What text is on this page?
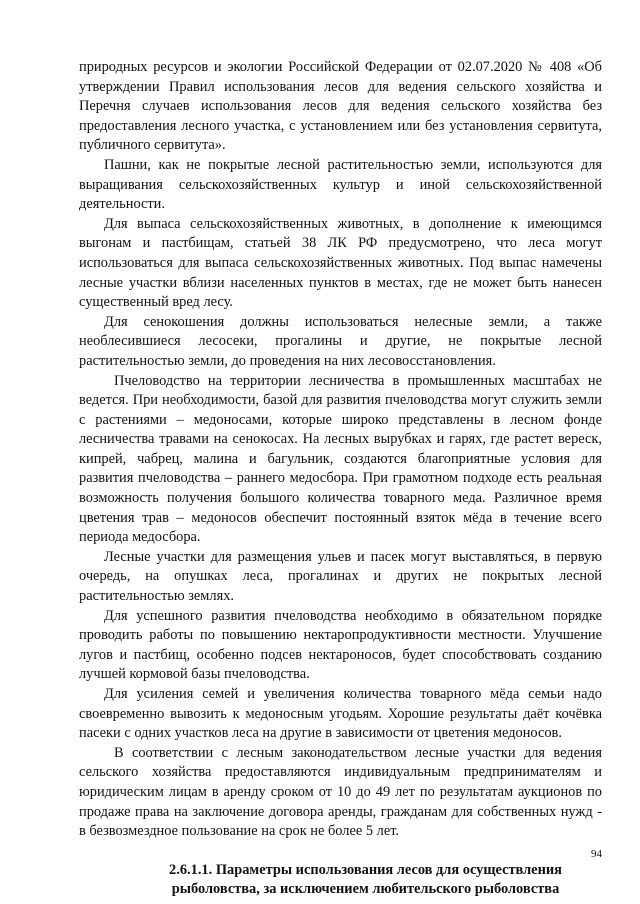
природных ресурсов и экологии Российской Федерации от 02.07.2020 № 408 «Об утверждении Правил использования лесов для ведения сельского хозяйства и Перечня случаев использования лесов для ведения сельского хозяйства без предоставления лесного участка, с установлением или без установления сервитута, публичного сервитута».

Пашни, как не покрытые лесной растительностью земли, используются для выращивания сельскохозяйственных культур и иной сельскохозяйственной деятельности.

Для выпаса сельскохозяйственных животных, в дополнение к имеющимся выгонам и пастбищам, статьей 38 ЛК РФ предусмотрено, что леса могут использоваться для выпаса сельскохозяйственных животных. Под выпас намечены лесные участки вблизи населенных пунктов в местах, где не может быть нанесен существенный вред лесу.

Для сенокошения должны использоваться нелесные земли, а также необлесившиеся лесосеки, прогалины и другие, не покрытые лесной растительностью земли, до проведения на них лесовосстановления.

Пчеловодство на территории лесничества в промышленных масштабах не ведется. При необходимости, базой для развития пчеловодства могут служить земли с растениями – медоносами, которые широко представлены в лесном фонде лесничества травами на сенокосах. На лесных вырубках и гарях, где растет вереск, кипрей, чабрец, малина и багульник, создаются благоприятные условия для развития пчеловодства – раннего медосбора. При грамотном подходе есть реальная возможность получения большого количества товарного меда. Различное время цветения трав – медоносов обеспечит постоянный взяток мёда в течение всего периода медосбора.

Лесные участки для размещения ульев и пасек могут выставляться, в первую очередь, на опушках леса, прогалинах и других не покрытых лесной растительностью землях.

Для успешного развития пчеловодства необходимо в обязательном порядке проводить работы по повышению нектаропродуктивности местности. Улучшение лугов и пастбищ, особенно подсев нектароносов, будет способствовать созданию лучшей кормовой базы пчеловодства.

Для усиления семей и увеличения количества товарного мёда семьи надо своевременно вывозить к медоносным угодьям. Хорошие результаты даёт кочёвка пасеки с одних участков леса на другие в зависимости от цветения медоносов.

В соответствии с лесным законодательством лесные участки для ведения сельского хозяйства предоставляются индивидуальным предпринимателям и юридическим лицам в аренду сроком от 10 до 49 лет по результатам аукционов по продаже права на заключение договора аренды, гражданам для собственных нужд - в безвозмездное пользование на срок не более 5 лет.

2.6.1.1. Параметры использования лесов для осуществления рыболовства, за исключением любительского рыболовства
94
